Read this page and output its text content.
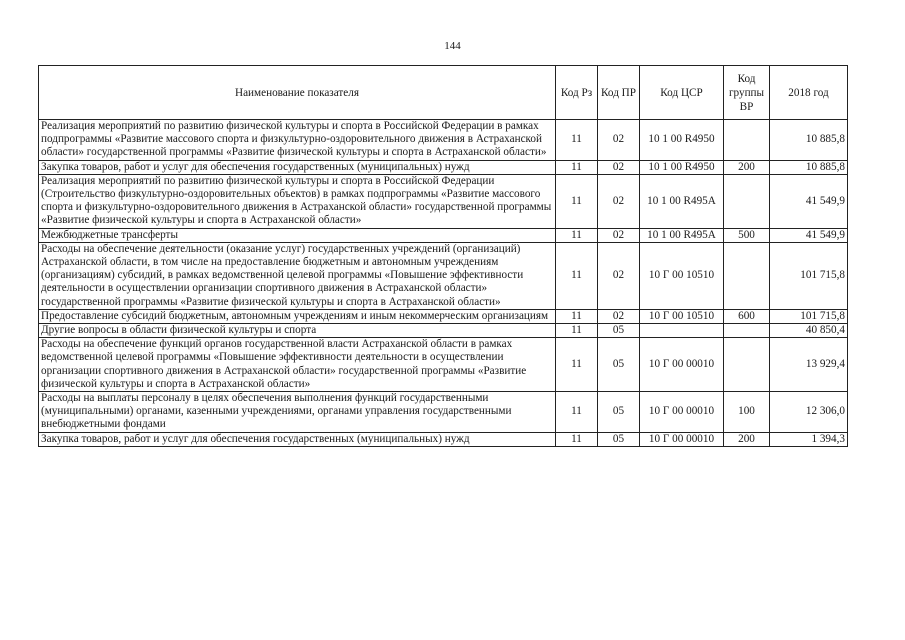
144
Наименование показателя	Код Рз	Код ПР	Код ЦСР	Код группы ВР	2018 год
Реализация мероприятий по развитию физической культуры и спорта в Российской Федерации в рамках подпрограммы «Развитие массового спорта и физкультурно-оздоровительного движения в Астраханской области» государственной программы «Развитие физической культуры и спорта в Астраханской области»	11	02	10 1 00 R4950		10 885,8
Закупка товаров, работ и услуг для обеспечения государственных (муниципальных) нужд	11	02	10 1 00 R4950	200	10 885,8
Реализация мероприятий по развитию физической культуры и спорта в Российской Федерации (Строительство физкультурно-оздоровительных объектов) в рамках подпрограммы «Развитие массового спорта и физкультурно-оздоровительного движения в Астраханской области» государственной программы «Развитие физической культуры и спорта в Астраханской области»	11	02	10 1 00 R495A		41 549,9
Межбюджетные трансферты	11	02	10 1 00 R495A	500	41 549,9
Расходы на обеспечение деятельности (оказание услуг) государственных учреждений (организаций) Астраханской области, в том числе на предоставление бюджетным и автономным учреждениям (организациям) субсидий, в рамках ведомственной целевой программы «Повышение эффективности деятельности в осуществлении организации спортивного движения в Астраханской области» государственной программы «Развитие физической культуры и спорта в Астраханской области»	11	02	10 Г 00 10510		101 715,8
Предоставление субсидий бюджетным, автономным учреждениям и иным некоммерческим организациям	11	02	10 Г 00 10510	600	101 715,8
Другие вопросы в области физической культуры и спорта	11	05			40 850,4
Расходы на обеспечение функций органов государственной власти Астраханской области в рамках ведомственной целевой программы «Повышение эффективности деятельности в осуществлении организации спортивного движения в Астраханской области» государственной программы «Развитие физической культуры и спорта в Астраханской области»	11	05	10 Г 00 00010		13 929,4
Расходы на выплаты персоналу в целях обеспечения выполнения функций государственными (муниципальными) органами, казенными учреждениями, органами управления государственными внебюджетными фондами	11	05	10 Г 00 00010	100	12 306,0
Закупка товаров, работ и услуг для обеспечения государственных (муниципальных) нужд	11	05	10 Г 00 00010	200	1 394,3
